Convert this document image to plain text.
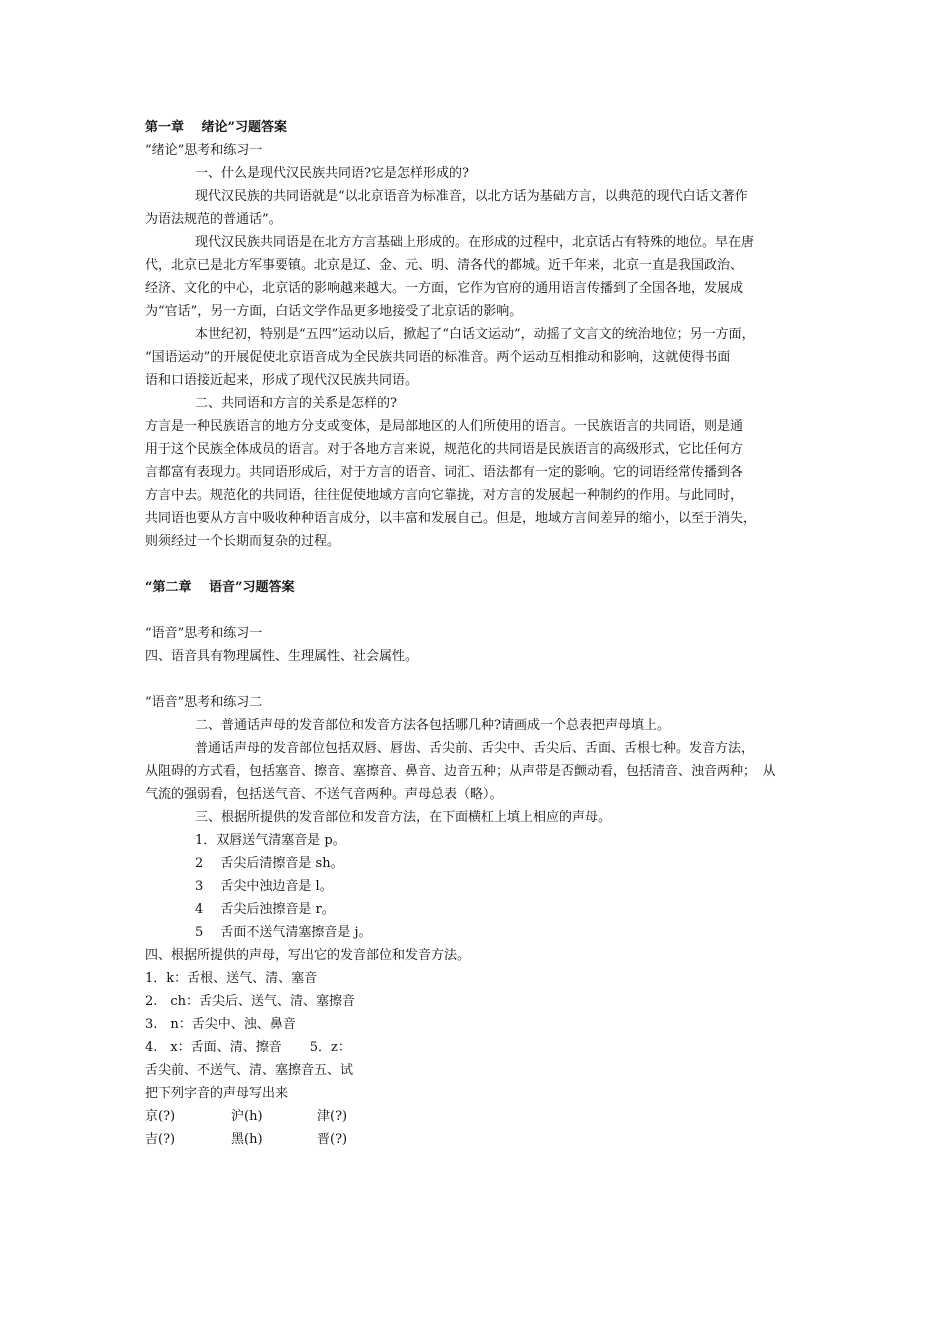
第一章　 绪论”习题答案
“绪论”思考和练习一
一、什么是现代汉民族共同语?它是怎样形成的?
现代汉民族的共同语就是“以北京语音为标准音，以北方话为基础方言，以典范的现代白话文著作
为语法规范的普通话”。
现代汉民族共同语是在北方方言基础上形成的。在形成的过程中，北京话占有特殊的地位。早在唐
代，北京已是北方军事要镇。北京是辽、金、元、明、清各代的都城。近千年来，北京一直是我国政治、
经济、文化的中心，北京话的影响越来越大。一方面，它作为官府的通用语言传播到了全国各地，发展成
为“官话”，另一方面，白话文学作品更多地接受了北京话的影响。
本世纪初，特别是“五四”运动以后，掀起了“白话文运动”，动摇了文言文的统治地位；另一方面，
“国语运动”的开展促使北京语音成为全民族共同语的标准音。两个运动互相推动和影响，这就使得书面
语和口语接近起来，形成了现代汉民族共同语。
二、共同语和方言的关系是怎样的?
方言是一种民族语言的地方分支或变体，是局部地区的人们所使用的语言。一民族语言的共同语，则是通
用于这个民族全体成员的语言。对于各地方言来说，规范化的共同语是民族语言的高级形式，它比任何方
言都富有表现力。共同语形成后，对于方言的语音、词汇、语法都有一定的影响。它的词语经常传播到各
方言中去。规范化的共同语，往往促使地域方言向它靠拢，对方言的发展起一种制约的作用。与此同时，
共同语也要从方言中吸收种种语言成分，以丰富和发展自己。但是，地域方言间差异的缩小，以至于消失，
则须经过一个长期而复杂的过程。
“第二章　 语音”习题答案
“语音”思考和练习一
四、语音具有物理属性、生理属性、社会属性。
“语音”思考和练习二
二、普通话声母的发音部位和发音方法各包括哪几种?请画成一个总表把声母填上。
普通话声母的发音部位包括双唇、唇齿、舌尖前、舌尖中、舌尖后、舌面、舌根七种。发音方法，
从阻碍的方式看，包括塞音、擦音、塞擦音、鼻音、边音五种；从声带是否颤动看，包括清音、浊音两种；　从
气流的强弱看，包括送气音、不送气音两种。声母总表（略）。
三、根据所提供的发音部位和发音方法，在下面横杠上填上相应的声母。
1．双唇送气清塞音是 p。
2　 舌尖后清擦音是 sh。
3　 舌尖中浊边音是 l。
4　 舌尖后浊擦音是 r。
5　 舌面不送气清塞擦音是 j。
四、根据所提供的声母，写出它的发音部位和发音方法。
1．k：舌根、送气、清、塞音
2.　ch：舌尖后、送气、清、塞擦音
3.　n：舌尖中、浊、鼻音
4.　x：舌面、清、擦音 5．z：
舌尖前、不送气、清、塞擦音五、试
把下列字音的声母写出来
京(?)	沪(h)	津(?)
吉(?)	黑(h)	晋(?)
